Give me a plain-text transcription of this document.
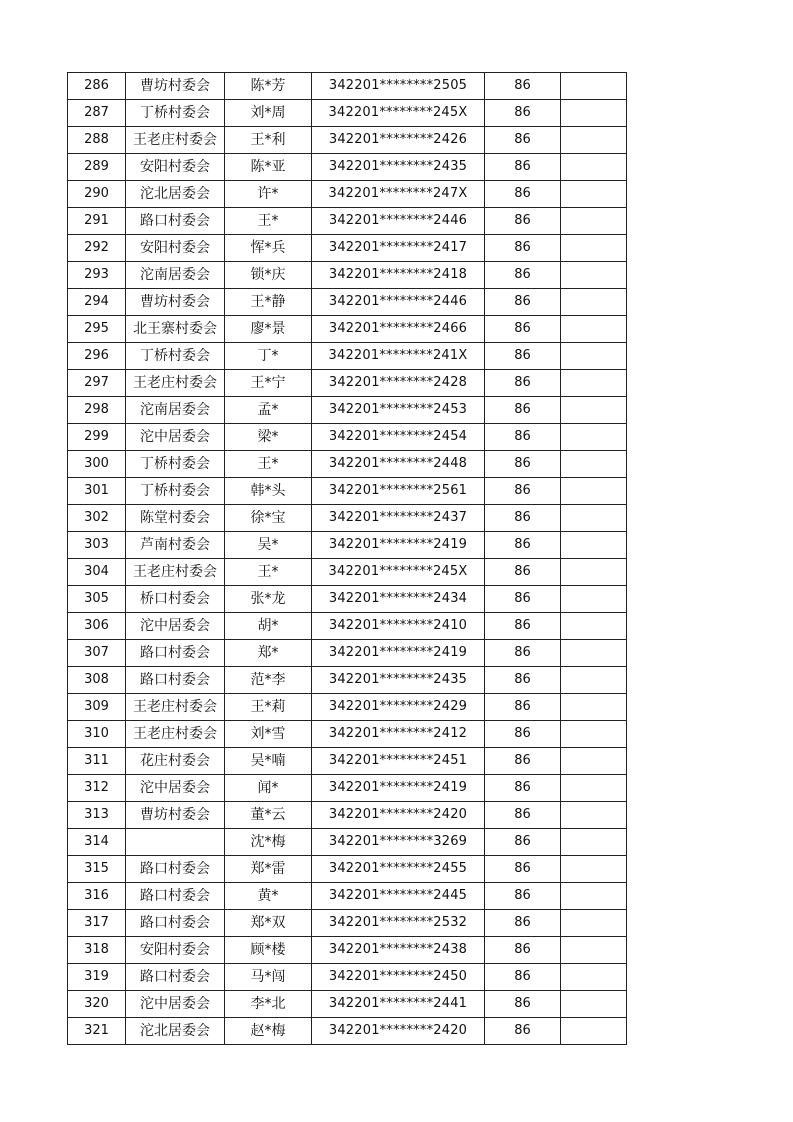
286	曹坊村委会	陈*芳	342201********2505	86	
287	丁桥村委会	刘*周	342201********245X	86	
288	王老庄村委会	王*利	342201********2426	86	
289	安阳村委会	陈*亚	342201********2435	86	
290	沱北居委会	许*	342201********247X	86	
291	路口村委会	王*	342201********2446	86	
292	安阳村委会	恽*兵	342201********2417	86	
293	沱南居委会	锁*庆	342201********2418	86	
294	曹坊村委会	王*静	342201********2446	86	
295	北王寨村委会	廖*景	342201********2466	86	
296	丁桥村委会	丁*	342201********241X	86	
297	王老庄村委会	王*宁	342201********2428	86	
298	沱南居委会	孟*	342201********2453	86	
299	沱中居委会	梁*	342201********2454	86	
300	丁桥村委会	王*	342201********2448	86	
301	丁桥村委会	韩*头	342201********2561	86	
302	陈堂村委会	徐*宝	342201********2437	86	
303	芦南村委会	吴*	342201********2419	86	
304	王老庄村委会	王*	342201********245X	86	
305	桥口村委会	张*龙	342201********2434	86	
306	沱中居委会	胡*	342201********2410	86	
307	路口村委会	郑*	342201********2419	86	
308	路口村委会	范*李	342201********2435	86	
309	王老庄村委会	王*莉	342201********2429	86	
310	王老庄村委会	刘*雪	342201********2412	86	
311	花庄村委会	吴*喃	342201********2451	86	
312	沱中居委会	闻*	342201********2419	86	
313	曹坊村委会	董*云	342201********2420	86	
314		沈*梅	342201********3269	86	
315	路口村委会	郑*雷	342201********2455	86	
316	路口村委会	黄*	342201********2445	86	
317	路口村委会	郑*双	342201********2532	86	
318	安阳村委会	顾*楼	342201********2438	86	
319	路口村委会	马*闯	342201********2450	86	
320	沱中居委会	李*北	342201********2441	86	
321	沱北居委会	赵*梅	342201********2420	86	
